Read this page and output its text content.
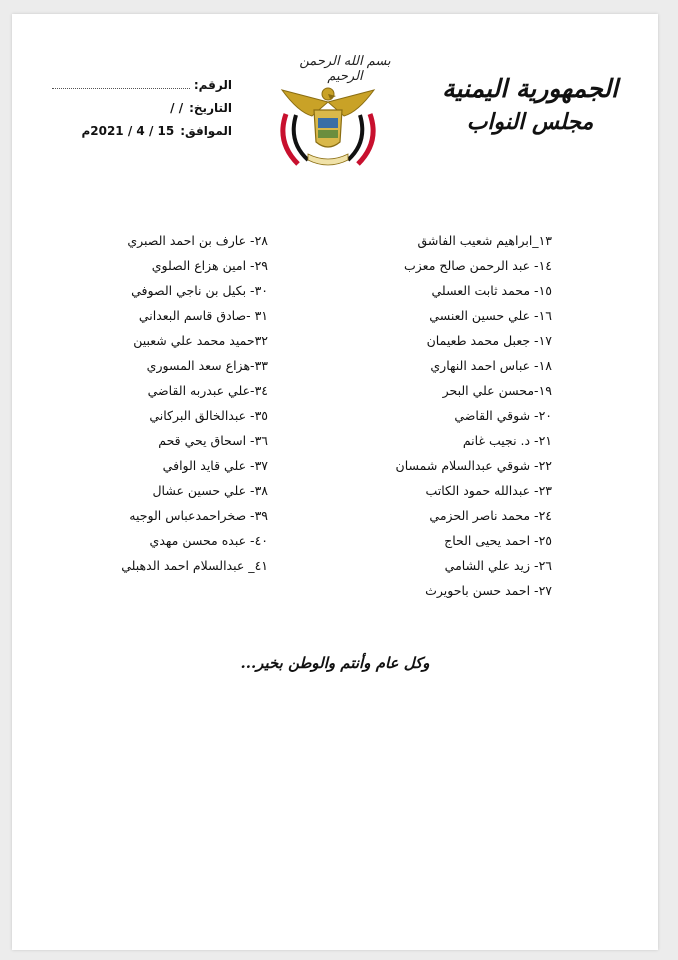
الجمهورية اليمنية
مجلس النواب
بسم الله الرحمن الرحيم
الرقم:
التاريخ:
/ /
الموافق:
15 / 4 / 2021م
١٣_ابراهيم شعيب الفاشق
١٤- عبد الرحمن صالح معزب
١٥- محمد ثابت العسلي
١٦- علي حسين العنسي
١٧- جعبل محمد طعيمان
١٨- عباس احمد النهاري
١٩-محسن علي البحر
٢٠- شوقي القاضي
٢١- د. نجيب غانم
٢٢- شوقي عبدالسلام شمسان
٢٣- عبدالله حمود الكاتب
٢٤- محمد ناصر الحزمي
٢٥- احمد يحيى الحاج
٢٦- زيد علي الشامي
٢٧- احمد حسن باحويرث
٢٨- عارف بن احمد الصبري
٢٩- امين هزاع الصلوي
٣٠- بكيل بن ناجي الصوفي
٣١ -صادق قاسم البعداني
٣٢حميد محمد علي شعبين
٣٣-هزاع سعد المسوري
٣٤-علي عبدربه القاضي
٣٥- عبدالخالق البركاني
٣٦- اسحاق يحي قحم
٣٧- علي قايد الوافي
٣٨- علي حسين عشال
٣٩- صخراحمدعباس الوجيه
٤٠- عبده محسن مهدي
٤١_ عبدالسلام احمد الدهبلي
وكل عام وأنتم والوطن بخير...
